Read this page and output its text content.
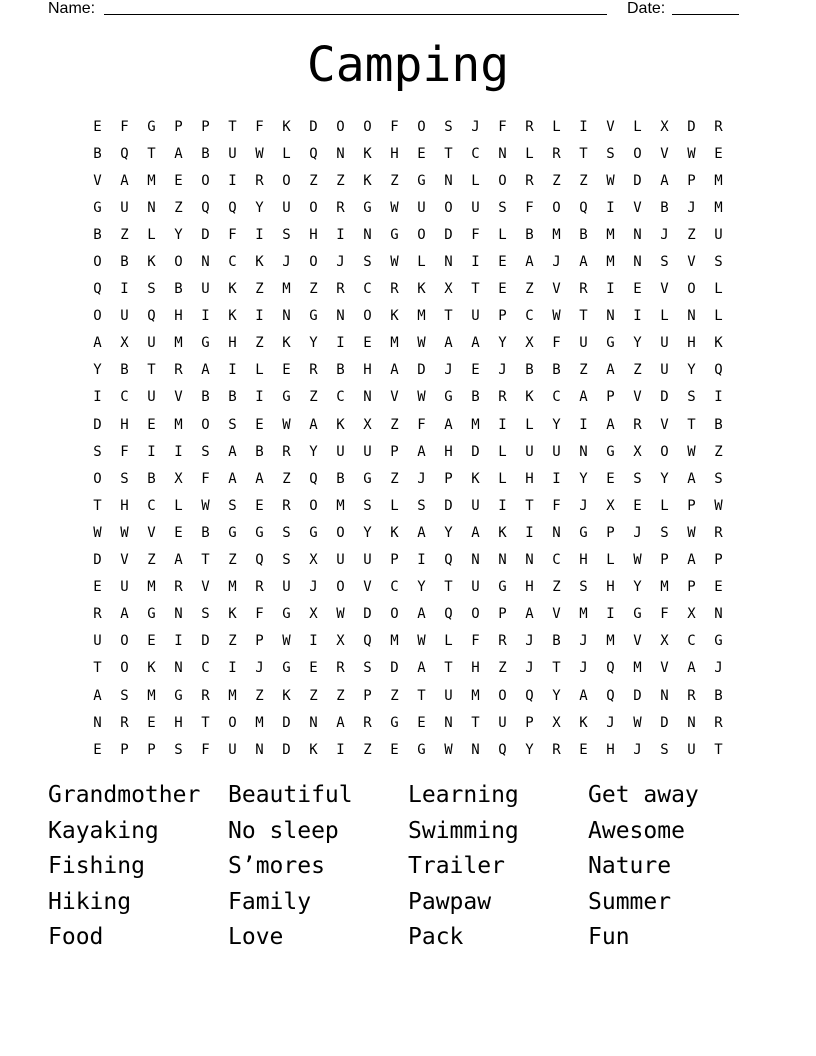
Name:	Date:
Camping
E	F	G	P	P	T	F	K	D	O	O	F	O	S	J	F	R	L	I	V	L	X	D	R
B	Q	T	A	B	U	W	L	Q	N	K	H	E	T	C	N	L	R	T	S	O	V	W	E
V	A	M	E	O	I	R	O	Z	Z	K	Z	G	N	L	O	R	Z	Z	W	D	A	P	M
G	U	N	Z	Q	Q	Y	U	O	R	G	W	U	O	U	S	F	O	Q	I	V	B	J	M
B	Z	L	Y	D	F	I	S	H	I	N	G	O	D	F	L	B	M	B	M	N	J	Z	U
O	B	K	O	N	C	K	J	O	J	S	W	L	N	I	E	A	J	A	M	N	S	V	S
Q	I	S	B	U	K	Z	M	Z	R	C	R	K	X	T	E	Z	V	R	I	E	V	O	L
O	U	Q	H	I	K	I	N	G	N	O	K	M	T	U	P	C	W	T	N	I	L	N	L
A	X	U	M	G	H	Z	K	Y	I	E	M	W	A	A	Y	X	F	U	G	Y	U	H	K
Y	B	T	R	A	I	L	E	R	B	H	A	D	J	E	J	B	B	Z	A	Z	U	Y	Q
I	C	U	V	B	B	I	G	Z	C	N	V	W	G	B	R	K	C	A	P	V	D	S	I
D	H	E	M	O	S	E	W	A	K	X	Z	F	A	M	I	L	Y	I	A	R	V	T	B
S	F	I	I	S	A	B	R	Y	U	U	P	A	H	D	L	U	U	N	G	X	O	W	Z
O	S	B	X	F	A	A	Z	Q	B	G	Z	J	P	K	L	H	I	Y	E	S	Y	A	S
T	H	C	L	W	S	E	R	O	M	S	L	S	D	U	I	T	F	J	X	E	L	P	W
W	W	V	E	B	G	G	S	G	O	Y	K	A	Y	A	K	I	N	G	P	J	S	W	R
D	V	Z	A	T	Z	Q	S	X	U	U	P	I	Q	N	N	N	C	H	L	W	P	A	P
E	U	M	R	V	M	R	U	J	O	V	C	Y	T	U	G	H	Z	S	H	Y	M	P	E
R	A	G	N	S	K	F	G	X	W	D	O	A	Q	O	P	A	V	M	I	G	F	X	N
U	O	E	I	D	Z	P	W	I	X	Q	M	W	L	F	R	J	B	J	M	V	X	C	G
T	O	K	N	C	I	J	G	E	R	S	D	A	T	H	Z	J	T	J	Q	M	V	A	J
A	S	M	G	R	M	Z	K	Z	Z	P	Z	T	U	M	O	Q	Y	A	Q	D	N	R	B
N	R	E	H	T	O	M	D	N	A	R	G	E	N	T	U	P	X	K	J	W	D	N	R
E	P	P	S	F	U	N	D	K	I	Z	E	G	W	N	Q	Y	R	E	H	J	S	U	T
Grandmother	Beautiful	Learning	Get away
Kayaking	No sleep	Swimming	Awesome
Fishing	S’mores	Trailer	Nature
Hiking	Family	Pawpaw	Summer
Food	Love	Pack	Fun
